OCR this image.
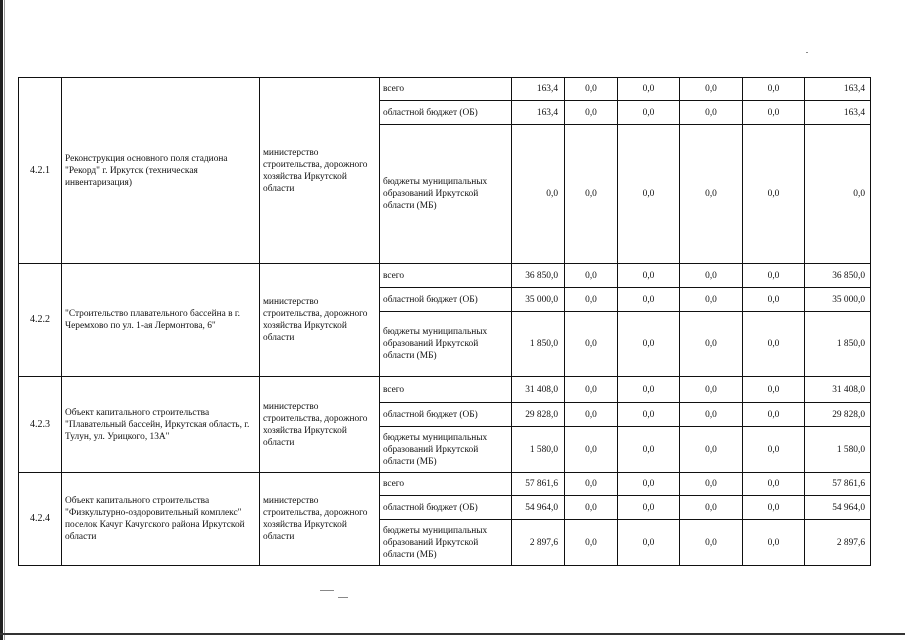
4.2.1	Реконструкция основного поля стадиона "Рекорд" г. Иркутск (техническая инвентаризация)	министерство строительства, дорожного хозяйства Иркутской области	всего	163,4	0,0	0,0	0,0	0,0	163,4
			областной бюджет (ОБ)	163,4	0,0	0,0	0,0	0,0	163,4
			бюджеты муниципальных образований Иркутской области (МБ)	0,0	0,0	0,0	0,0	0,0	0,0
4.2.2	"Строительство плавательного бассейна в г. Черемхово по ул. 1-ая Лермонтова, 6"	министерство строительства, дорожного хозяйства Иркутской области	всего	36 850,0	0,0	0,0	0,0	0,0	36 850,0
			областной бюджет (ОБ)	35 000,0	0,0	0,0	0,0	0,0	35 000,0
			бюджеты муниципальных образований Иркутской области (МБ)	1 850,0	0,0	0,0	0,0	0,0	1 850,0
4.2.3	Объект капитального строительства "Плавательный бассейн, Иркутская область, г. Тулун, ул. Урицкого, 13А"	министерство строительства, дорожного хозяйства Иркутской области	всего	31 408,0	0,0	0,0	0,0	0,0	31 408,0
			областной бюджет (ОБ)	29 828,0	0,0	0,0	0,0	0,0	29 828,0
			бюджеты муниципальных образований Иркутской области (МБ)	1 580,0	0,0	0,0	0,0	0,0	1 580,0
4.2.4	Объект капитального строительства "Физкультурно-оздоровительный комплекс" поселок Качуг Качугского района Иркутской области	министерство строительства, дорожного хозяйства Иркутской области	всего	57 861,6	0,0	0,0	0,0	0,0	57 861,6
			областной бюджет (ОБ)	54 964,0	0,0	0,0	0,0	0,0	54 964,0
			бюджеты муниципальных образований Иркутской области (МБ)	2 897,6	0,0	0,0	0,0	0,0	2 897,6
